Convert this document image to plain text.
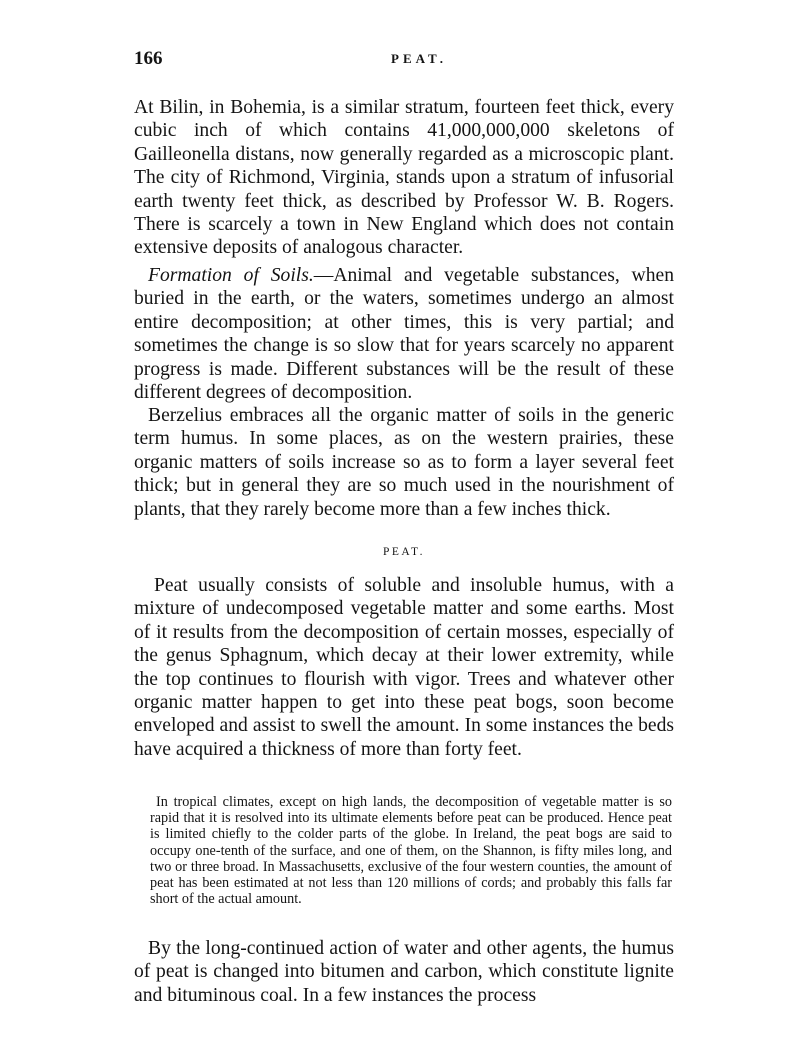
166	PEAT.

At Bilin, in Bohemia, is a similar stratum, fourteen feet thick, every cubic inch of which contains 41,000,000,000 skeletons of Gailleonella distans, now generally regarded as a microscopic plant. The city of Richmond, Virginia, stands upon a stratum of infusorial earth twenty feet thick, as described by Professor W. B. Rogers. There is scarcely a town in New England which does not contain extensive deposits of analogous character.

Formation of Soils.—Animal and vegetable substances, when buried in the earth, or the waters, sometimes undergo an almost entire decomposition; at other times, this is very partial; and sometimes the change is so slow that for years scarcely no apparent progress is made. Different substances will be the result of these different degrees of decomposition.

Berzelius embraces all the organic matter of soils in the generic term humus. In some places, as on the western prairies, these organic matters of soils increase so as to form a layer several feet thick; but in general they are so much used in the nourishment of plants, that they rarely become more than a few inches thick.

PEAT.

Peat usually consists of soluble and insoluble humus, with a mixture of undecomposed vegetable matter and some earths. Most of it results from the decomposition of certain mosses, especially of the genus Sphagnum, which decay at their lower extremity, while the top continues to flourish with vigor. Trees and whatever other organic matter happen to get into these peat bogs, soon become enveloped and assist to swell the amount. In some instances the beds have acquired a thickness of more than forty feet.

In tropical climates, except on high lands, the decomposition of vegetable matter is so rapid that it is resolved into its ultimate elements before peat can be produced. Hence peat is limited chiefly to the colder parts of the globe. In Ireland, the peat bogs are said to occupy one-tenth of the surface, and one of them, on the Shannon, is fifty miles long, and two or three broad. In Massachusetts, exclusive of the four western counties, the amount of peat has been estimated at not less than 120 millions of cords; and probably this falls far short of the actual amount.

By the long-continued action of water and other agents, the humus of peat is changed into bitumen and carbon, which constitute lignite and bituminous coal. In a few instances the process
